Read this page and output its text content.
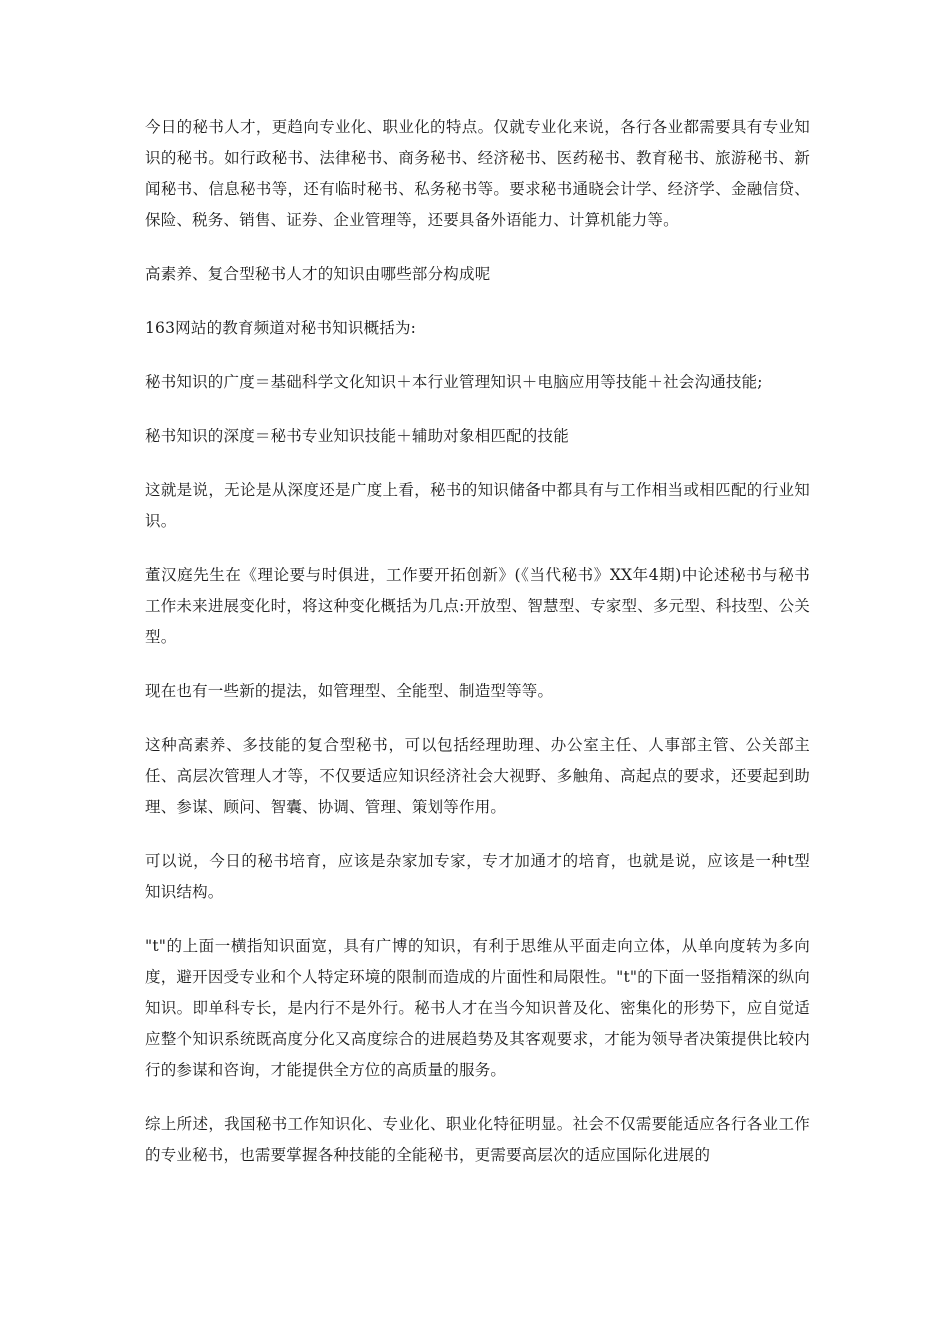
今日的秘书人才，更趋向专业化、职业化的特点。仅就专业化来说，各行各业都需要具有专业知识的秘书。如行政秘书、法律秘书、商务秘书、经济秘书、医药秘书、教育秘书、旅游秘书、新闻秘书、信息秘书等，还有临时秘书、私务秘书等。要求秘书通晓会计学、经济学、金融信贷、保险、税务、销售、证券、企业管理等，还要具备外语能力、计算机能力等。

高素养、复合型秘书人才的知识由哪些部分构成呢

163网站的教育频道对秘书知识概括为:

秘书知识的广度＝基础科学文化知识＋本行业管理知识＋电脑应用等技能＋社会沟通技能;

秘书知识的深度＝秘书专业知识技能＋辅助对象相匹配的技能

这就是说，无论是从深度还是广度上看，秘书的知识储备中都具有与工作相当或相匹配的行业知识。

董汉庭先生在《理论要与时俱进，工作要开拓创新》(《当代秘书》XX年4期)中论述秘书与秘书工作未来进展变化时，将这种变化概括为几点:开放型、智慧型、专家型、多元型、科技型、公关型。

现在也有一些新的提法，如管理型、全能型、制造型等等。

这种高素养、多技能的复合型秘书，可以包括经理助理、办公室主任、人事部主管、公关部主任、高层次管理人才等，不仅要适应知识经济社会大视野、多触角、高起点的要求，还要起到助理、参谋、顾问、智囊、协调、管理、策划等作用。

可以说，今日的秘书培育，应该是杂家加专家，专才加通才的培育，也就是说，应该是一种t型知识结构。

"t"的上面一横指知识面宽，具有广博的知识，有利于思维从平面走向立体，从单向度转为多向度，避开因受专业和个人特定环境的限制而造成的片面性和局限性。"t"的下面一竖指精深的纵向知识。即单科专长，是内行不是外行。秘书人才在当今知识普及化、密集化的形势下，应自觉适应整个知识系统既高度分化又高度综合的进展趋势及其客观要求，才能为领导者决策提供比较内行的参谋和咨询，才能提供全方位的高质量的服务。

综上所述，我国秘书工作知识化、专业化、职业化特征明显。社会不仅需要能适应各行各业工作的专业秘书，也需要掌握各种技能的全能秘书，更需要高层次的适应国际化进展的
